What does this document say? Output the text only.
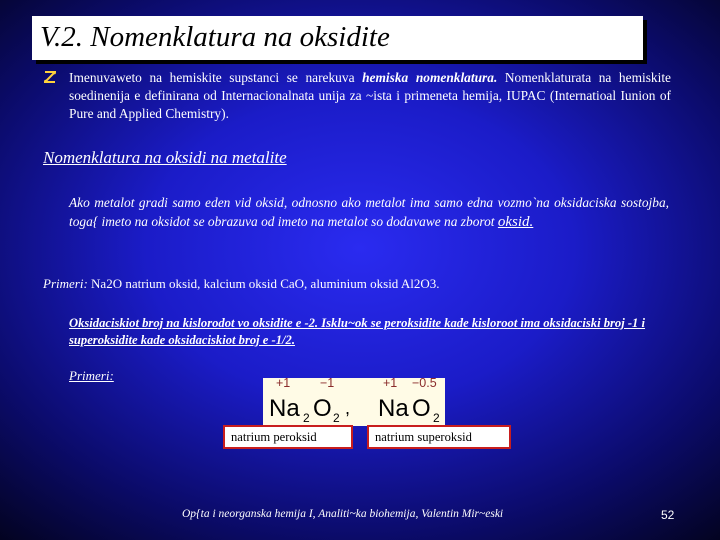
V.2. Nomenklatura na oksidite

Imenuvaweto na hemiskite supstanci se narekuva hemiska nomenklatura. Nomenklaturata na hemiskite soedinenija e definirana od Internacionalnata unija za ~ista i primeneta hemija, IUPAC (Internatioal Iunion of Pure and Applied Chemistry).

Nomenklatura na oksidi na metalite

Ako metalot gradi samo eden vid oksid, odnosno ako metalot ima samo edna vozmo`na oksidaciska sostojba, toga{ imeto na oksidot se obrazuva od imeto na metalot so dodavawe na zborot oksid.

Primeri: Na2O natrium oksid, kalcium oksid CaO, aluminium oksid Al2O3.

Oksidaciskiot broj na kislorodot vo oksidite e -2. Isklu~ok se peroksidite kade kisloroot ima oksidaciski broj -1 i superoksidite kade oksidaciskiot broj e -1/2.

Primeri:	+1 −1	+1 −0.5
Na 2 O 2 , Na O 2
natrium peroksid	natrium superoksid
Op{ta i neorganska hemija I, Analiti~ka biohemija, Valentin Mir~eski	52
